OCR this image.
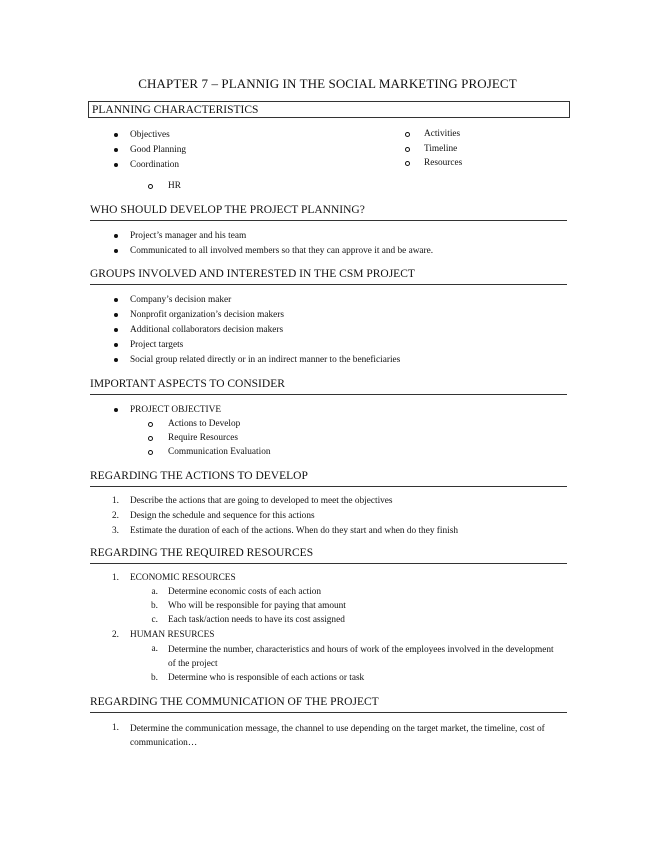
CHAPTER 7 – PLANNIG IN THE SOCIAL MARKETING PROJECT
PLANNING CHARACTERISTICS
Objectives
Good Planning
Coordination
HR
Activities
Timeline
Resources
WHO SHOULD DEVELOP THE PROJECT PLANNING?
Project’s manager and his team
Communicated to all involved members so that they can approve it and be aware.
GROUPS INVOLVED AND INTERESTED IN THE CSM PROJECT
Company’s decision maker
Nonprofit organization’s decision makers
Additional collaborators decision makers
Project targets
Social group related directly or in an indirect manner to the beneficiaries
IMPORTANT ASPECTS TO CONSIDER
PROJECT OBJECTIVE
Actions to Develop
Require Resources
Communication Evaluation
REGARDING THE ACTIONS TO DEVELOP
1. Describe the actions that are going to developed to meet the objectives
2. Design the schedule and sequence for this actions
3. Estimate the duration of each of the actions. When do they start and when do they finish
REGARDING THE REQUIRED RESOURCES
1. ECONOMIC RESOURCES
a. Determine economic costs of each action
b. Who will be responsible for paying that amount
c. Each task/action needs to have its cost assigned
2. HUMAN RESURCES
a. Determine the number, characteristics and hours of work of the employees involved in the development of the project
b. Determine who is responsible of each actions or task
REGARDING THE COMMUNICATION OF THE PROJECT
1. Determine the communication message, the channel to use depending on the target market, the timeline, cost of communication…
